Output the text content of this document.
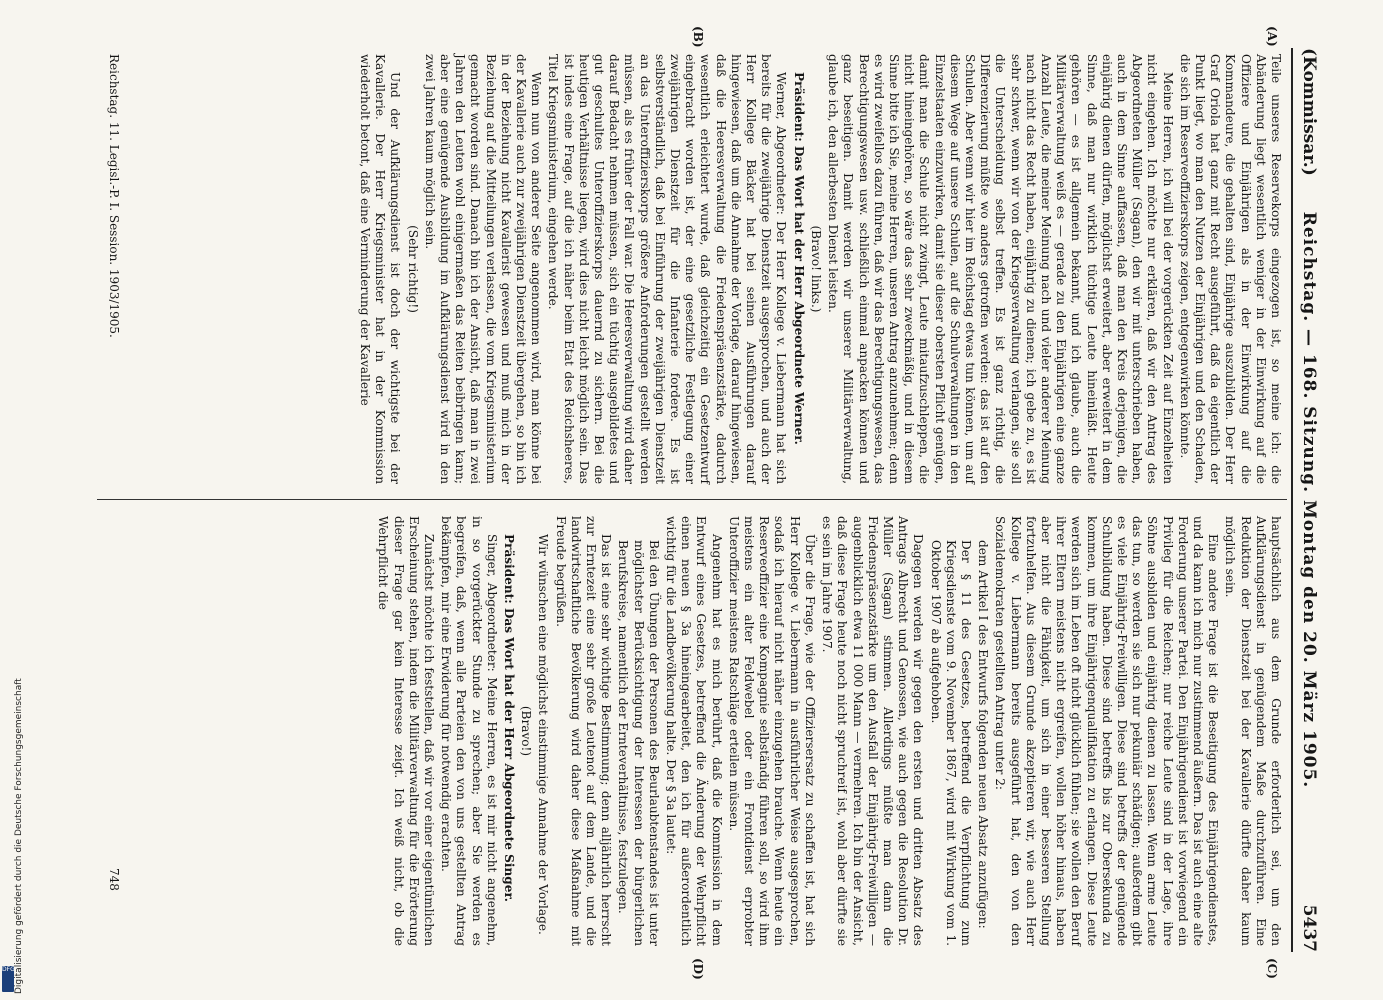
(Kommissar.)
Reichstag. — 168. Sitzung. Montag den 20. März 1905.
5437
(A)
(B)
(C)
(D)

Teile unseres Reservekorps eingezogen ist, so meine ich: die Abänderung liegt wesentlich weniger in der Einwirkung auf die Offiziere und Einjährigen als in der Einwirkung auf die Kommandeure, die gehalten sind, Einjährige auszubilden. Der Herr Graf Oriola hat ganz mit Recht ausgeführt, daß da eigentlich der Punkt liegt, wo man den Nutzen der Einjährigen und den Schaden, die sich im Reserveoffizierskorps zeigen, entgegenwirken könnte.

Meine Herren, ich will bei der vorgerückten Zeit auf Einzelheiten nicht eingehen. Ich möchte nur erklären, daß wir den Antrag des Abgeordneten Müller (Sagan), den wir mit unterschrieben haben, auch in dem Sinne auffassen, daß man den Kreis derjenigen, die einjährig dienen dürfen, möglichst erweitert, aber erweitert in dem Sinne, daß man nur wirklich tüchtige Leute hineinläßt. Heute gehören — es ist allgemein bekannt, und ich glaube, auch die Militärverwaltung weiß es — gerade zu den Einjährigen eine ganze Anzahl Leute, die meiner Meinung nach und vieler anderer Meinung nach nicht das Recht haben, einjährig zu dienen; ich gebe zu, es ist sehr schwer, wenn wir von der Kriegsverwaltung verlangen, sie soll die Unterscheidung selbst treffen. Es ist ganz richtig, die Differenzierung müßte wo anders getroffen werden: das ist auf den Schulen. Aber wenn wir hier im Reichstag etwas tun können, um auf diesem Wege auf unsere Schulen, auf die Schulverwaltungen in den Einzelstaaten einzuwirken, damit sie dieser obersten Pflicht genügen, damit man die Schule nicht zwingt, Leute mitaufzuschleppen, die nicht hineingehören, so wäre das sehr zweckmäßig, und in diesem Sinne bitte ich Sie, meine Herren, unseren Antrag anzunehmen; denn es wird zweifellos dazu führen, daß wir das Berechtigungswesen, das Berechtigungswesen usw. schließlich einmal anpacken können und ganz beseitigen. Damit werden wir unserer Militärverwaltung, glaube ich, den allerbesten Dienst leisten.

(Bravo! links.)

Präsident: Das Wort hat der Herr Abgeordnete Werner.

Werner, Abgeordneter: Der Herr Kollege v. Liebermann hat sich bereits für die zweijährige Dienstzeit ausgesprochen, und auch der Herr Kollege Bäcker hat bei seinen Ausführungen darauf hingewiesen, daß um die Annahme der Vorlage, darauf hingewiesen, daß die Heeresverwaltung die Friedenspräsenzstärke, dadurch wesentlich erleichtert wurde, daß gleichzeitig ein Gesetzentwurf eingebracht worden ist, der eine gesetzliche Festlegung einer zweijährigen Dienstzeit für die Infanterie fordere. Es ist selbstverständlich, daß bei Einführung der zweijährigen Dienstzeit an das Unteroffizierskorps größere Anforderungen gestellt werden müssen, als es früher der Fall war. Die Heeresverwaltung wird daher darauf Bedacht nehmen müssen, sich ein tüchtig ausgebildetes und gut geschultes Unteroffizierskorps dauernd zu sichern. Bei die heutigen Verhältnisse liegen, wird dies nicht leicht möglich sein. Das ist indes eine Frage, auf die ich näher beim Etat des Reichsheeres, Titel Kriegsministerium, eingehen werde.

Wenn nun von anderer Seite angenommen wird, man könne bei der Kavallerie auch zur zweijährigen Dienstzeit übergehen, so bin ich in der Beziehung nicht Kavallerist gewesen und muß mich in der Beziehung auf die Mitteilungen verlassen, die vom Kriegsministerium gemacht worden sind. Danach bin ich der Ansicht, daß man in zwei Jahren den Leuten wohl einigermaßen das Reiten beibringen kann; aber eine genügende Ausbildung im Aufklärungsdienst wird in den zwei Jahren kaum möglich sein.

(Sehr richtig!)

Und der Aufklärungsdienst ist doch der wichtigste bei der Kavallerie. Der Herr Kriegsminister hat in der Kommission wiederholt betont, daß eine Verminderung der Kavallerie

hauptsächlich aus dem Grunde erforderlich sei, um den Aufklärungsdienst in genügendem Maße durchzuführen. Eine Reduktion der Dienstzeit bei der Kavallerie dürfte daher kaum möglich sein.

Eine andere Frage ist die Beseitigung des Einjährigendienstes, und da kann ich mich nur zustimmend äußern. Das ist auch eine alte Forderung unserer Partei. Den Einjährigendienst ist vorwiegend ein Privileg für die Reichen; nur reiche Leute sind in der Lage, ihre Söhne ausbilden und einjährig dienen zu lassen. Wenn arme Leute das tun, so werden sie sich nur pekuniär schädigen; außerdem gibt es viele Einjährig-Freiwilligen. Diese sind betreffs der genügende Schulbildung haben. Diese sind betreffs bis zur Obersekunda zu kommen, um ihre Einjährigenqualifikation zu erlangen. Diese Leute werden sich im Leben oft nicht glücklich fühlen; sie wollen den Beruf ihrer Eltern meistens nicht ergreifen, wollen höher hinaus, haben aber nicht die Fähigkeit, um sich in einer besseren Stellung fortzuhelfen. Aus diesem Grunde akzeptieren wir, wie auch Herr Kollege v. Liebermann bereits ausgeführt hat, den von den Sozialdemokraten gestellten Antrag unter 2:

dem Artikel I des Entwurfs folgenden neuen Absatz anzufügen:

Der § 11 des Gesetzes, betreffend die Verpflichtung zum Kriegsdienste vom 9. November 1867, wird mit Wirkung vom 1. Oktober 1907 ab aufgehoben.

Dagegen werden wir gegen den ersten und dritten Absatz des Antrags Albrecht und Genossen, wie auch gegen die Resolution Dr. Müller (Sagan) stimmen. Allerdings müßte man dann die Friedenspräsenzstärke um den Ausfall der Einjährig-Freiwilligen — augenblicklich etwa 11 000 Mann — vermehren. Ich bin der Ansicht, daß diese Frage heute noch nicht spruchreif ist, wohl aber dürfte sie es sein im Jahre 1907.

Über die Frage, wie der Offiziersersatz zu schaffen ist, hat sich Herr Kollege v. Liebermann in ausführlicher Weise ausgesprochen, sodaß ich hierauf nicht näher einzugehen brauche. Wenn heute ein Reserveoffizier eine Kompagnie selbständig führen soll, so wird ihm meistens ein alter Feldwebel oder ein Frontdienst erprobter Unteroffizier meistens Ratschläge erteilen müssen.

Angenehm hat es mich berührt, daß die Kommission in dem Entwurf eines Gesetzes, betreffend die Änderung der Wehrpflicht einen neuen § 3a hineingearbeitet, den ich für außerordentlich wichtig für die Landbevölkerung halte. Der § 3a lautet:

Bei den Übungen der Personen des Beurlaubtenstandes ist unter möglichster Berücksichtigung der Interessen der bürgerlichen Berufskreise, namentlich der Ernteverhältnisse, festzulegen.

Das ist eine sehr wichtige Bestimmung; denn alljährlich herrscht zur Erntezeit eine sehr große Leutenot auf dem Lande, und die landwirtschaftliche Bevölkerung wird daher diese Maßnahme mit Freude begrüßen.

Wir wünschen eine möglichst einstimmige Annahme der Vorlage.

(Bravo!)

Präsident: Das Wort hat der Herr Abgeordnete Singer.

Singer, Abgeordneter: Meine Herren, es ist mir nicht angenehm, in so vorgerückter Stunde zu sprechen; aber Sie werden es begreifen, daß, wenn alle Parteien den von uns gestellten Antrag bekämpfen, mir eine Erwiderung für notwendig erachten.

Zunächst möchte ich feststellen, daß wir vor einer eigentümlichen Erscheinung stehen, indem die Militärverwaltung für die Erörterung dieser Frage gar kein Interesse zeigt. Ich weiß nicht, ob die Wehrpflicht die

Reichstag. 11. Legisl.-P. I. Session. 1903/1905.
748
Digitalisierung gefördert durch die Deutsche Forschungsgemeinschaft
DFG
